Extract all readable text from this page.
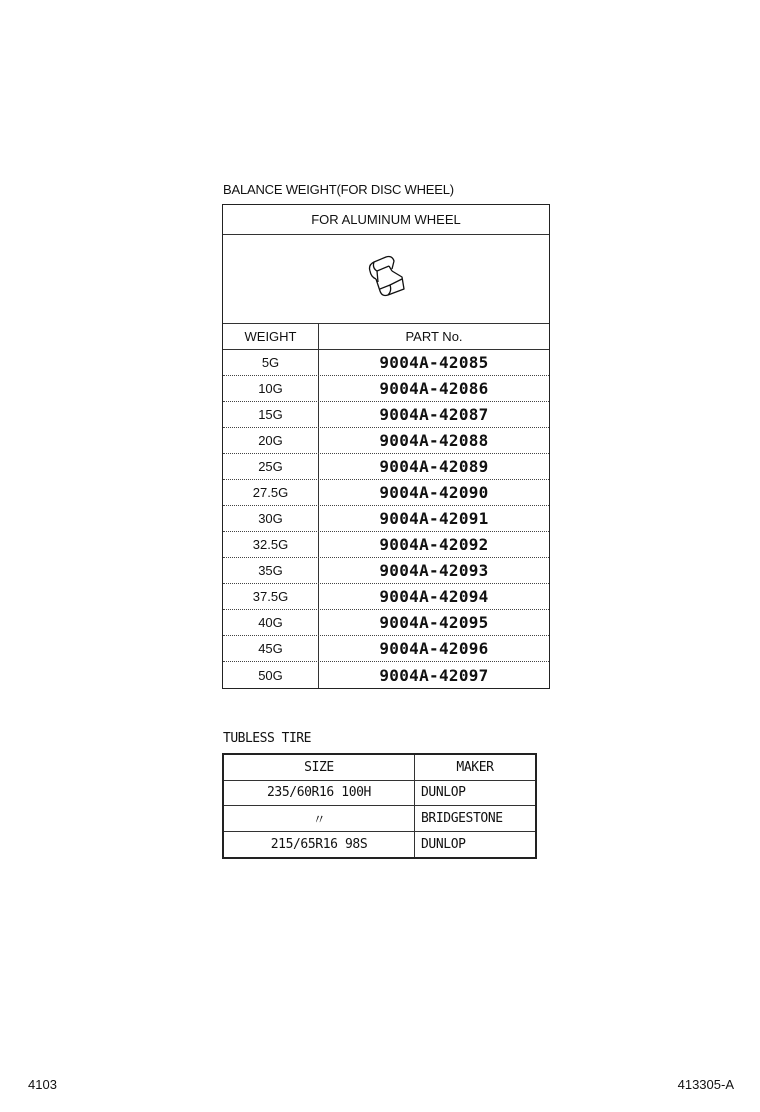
BALANCE WEIGHT(FOR DISC WHEEL)
FOR ALUMINUM WHEEL
WEIGHT	PART No.
5G	9004A-42085
10G	9004A-42086
15G	9004A-42087
20G	9004A-42088
25G	9004A-42089
27.5G	9004A-42090
30G	9004A-42091
32.5G	9004A-42092
35G	9004A-42093
37.5G	9004A-42094
40G	9004A-42095
45G	9004A-42096
50G	9004A-42097
TUBLESS TIRE
SIZE	MAKER
235/60R16 100H	DUNLOP
〃	BRIDGESTONE
215/65R16 98S	DUNLOP
4103	413305-A
